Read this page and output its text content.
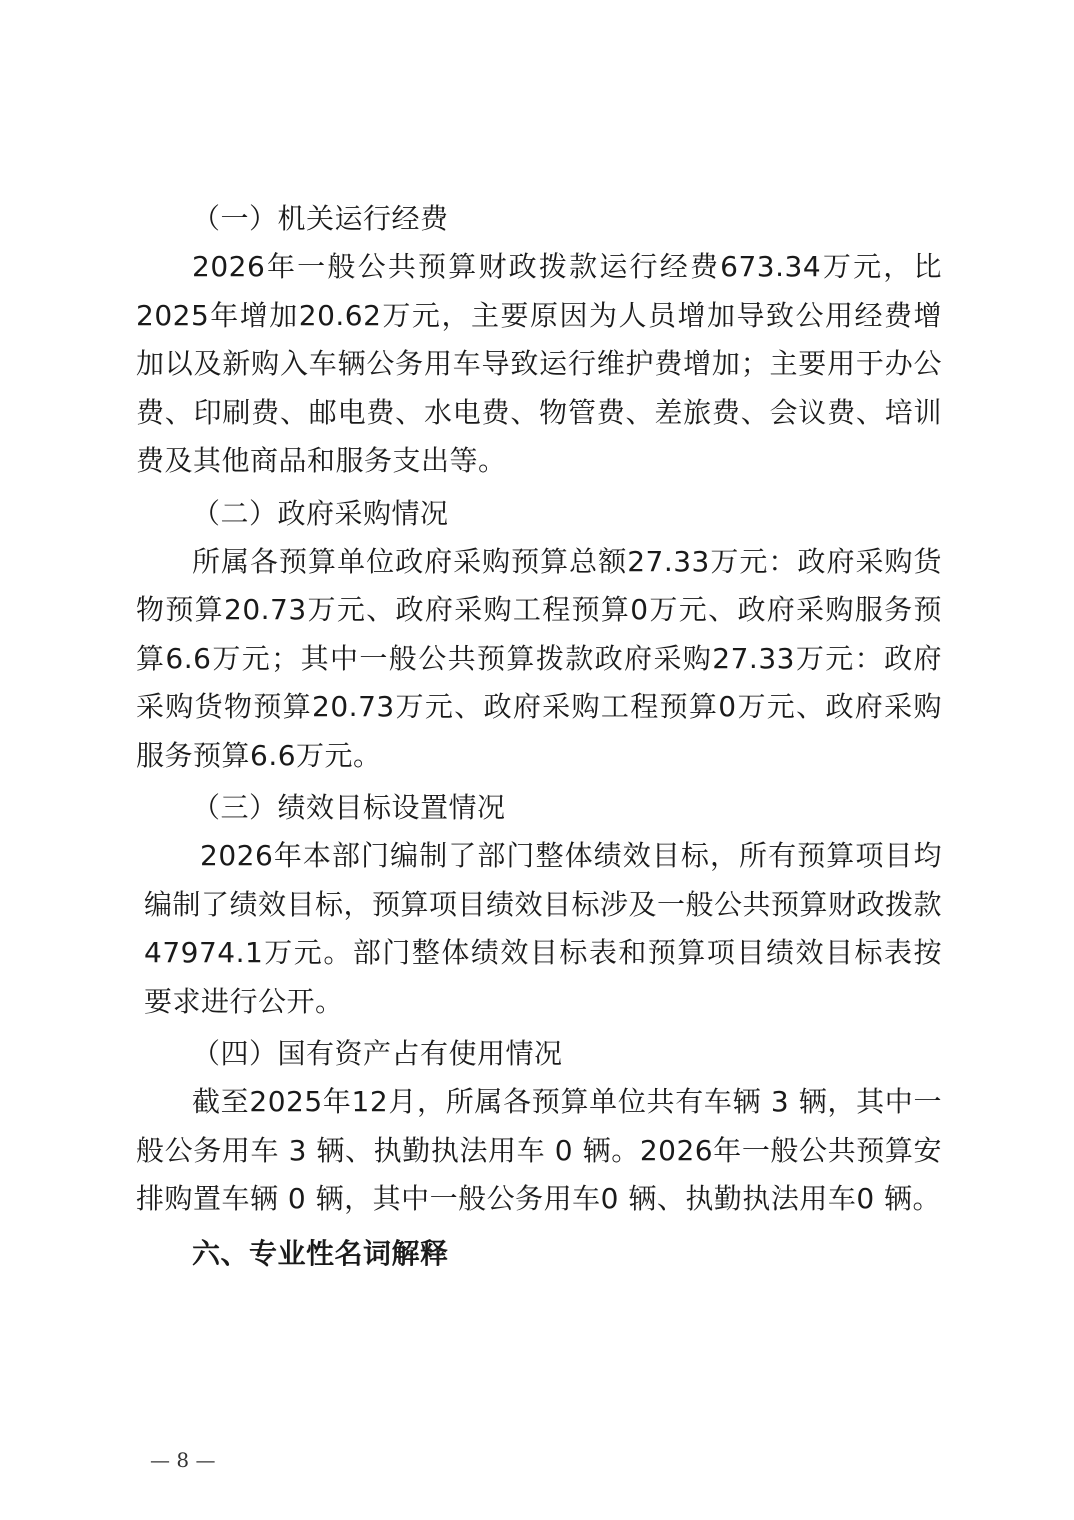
（一）机关运行经费

2026年一般公共预算财政拨款运行经费673.34万元，比2025年增加20.62万元，主要原因为人员增加导致公用经费增加以及新购入车辆公务用车导致运行维护费增加；主要用于办公费、印刷费、邮电费、水电费、物管费、差旅费、会议费、培训费及其他商品和服务支出等。

（二）政府采购情况

所属各预算单位政府采购预算总额27.33万元：政府采购货物预算20.73万元、政府采购工程预算0万元、政府采购服务预算6.6万元；其中一般公共预算拨款政府采购27.33万元：政府采购货物预算20.73万元、政府采购工程预算0万元、政府采购服务预算6.6万元。

（三）绩效目标设置情况

2026年本部门编制了部门整体绩效目标，所有预算项目均编制了绩效目标，预算项目绩效目标涉及一般公共预算财政拨款47974.1万元。部门整体绩效目标表和预算项目绩效目标表按要求进行公开。

（四）国有资产占有使用情况

截至2025年12月，所属各预算单位共有车辆 3 辆，其中一般公务用车 3 辆、执勤执法用车 0 辆。2026年一般公共预算安排购置车辆 0 辆，其中一般公务用车0 辆、执勤执法用车0 辆。

六、专业性名词解释

— 8 —
